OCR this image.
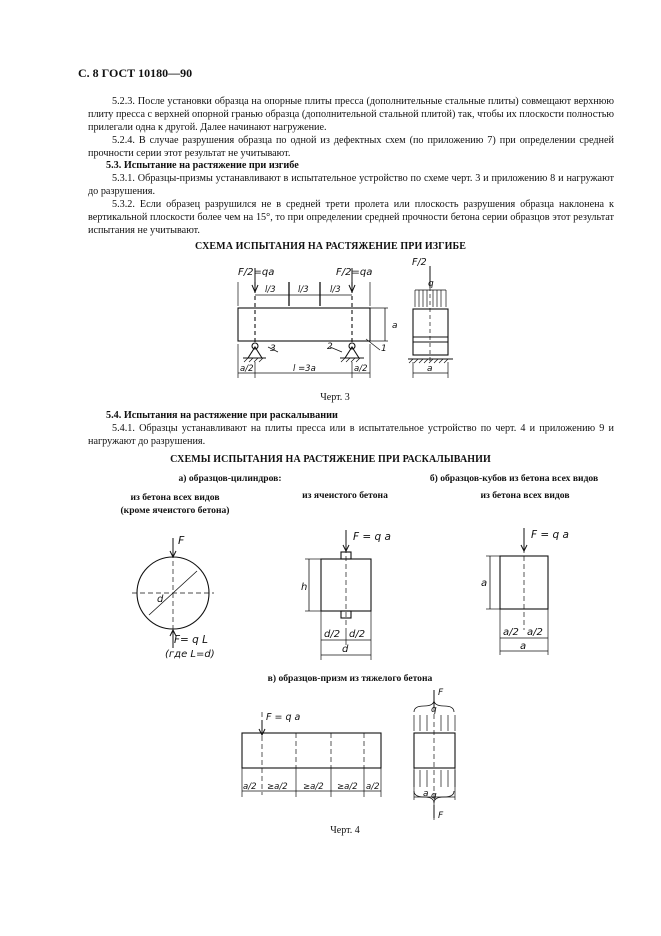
С. 8 ГОСТ 10180—90

5.2.3. После установки образца на опорные плиты пресса (дополнительные стальные плиты) совмещают верхнюю плиту пресса с верхней опорной гранью образца (дополнительной стальной плитой) так, чтобы их плоскости полностью прилегали одна к другой. Далее начинают нагружение.

5.2.4. В случае разрушения образца по одной из дефектных схем (по приложению 7) при определении средней прочности серии этот результат не учитывают.

5.3. Испытание на растяжение при изгибе

5.3.1. Образцы-призмы устанавливают в испытательное устройство по схеме черт. 3 и приложению 8 и нагружают до разрушения.

5.3.2. Если образец разрушился не в средней трети пролета или плоскость разрушения образца наклонена к вертикальной плоскости более чем на 15°, то при определении средней прочности бетона серии образцов этот результат испытания не учитывают.

СХЕМА ИСПЫТАНИЯ НА РАСТЯЖЕНИЕ ПРИ ИЗГИБЕ
F/2=qa	F/2=qa
F/2
q
l/3	l/3	l/3
a/2	l =3a	a/2
a
a
1
2
3
F
d
F= q L
(где L=d)
F = q a
h
d/2 d/2
d
F = q a
a
a/2 a/2
a
F = q a
a/2 ≥a/2 ≥a/2 ≥a/2 a/2
F
q
q
a
F
Черт. 3
5.4. Испытания на растяжение при раскалывании

5.4.1. Образцы устанавливают на плиты пресса или в испытательное устройство по черт. 4 и приложению 9 и нагружают до разрушения.

СХЕМЫ ИСПЫТАНИЯ НА РАСТЯЖЕНИЕ ПРИ РАСКАЛЫВАНИИ
а) образцов-цилиндров:	б) образцов-кубов из бетона всех видов
из бетона всех видов
(кроме ячеистого бетона)
из ячеистого бетона	из бетона всех видов
в) образцов-призм из тяжелого бетона
Черт. 4
